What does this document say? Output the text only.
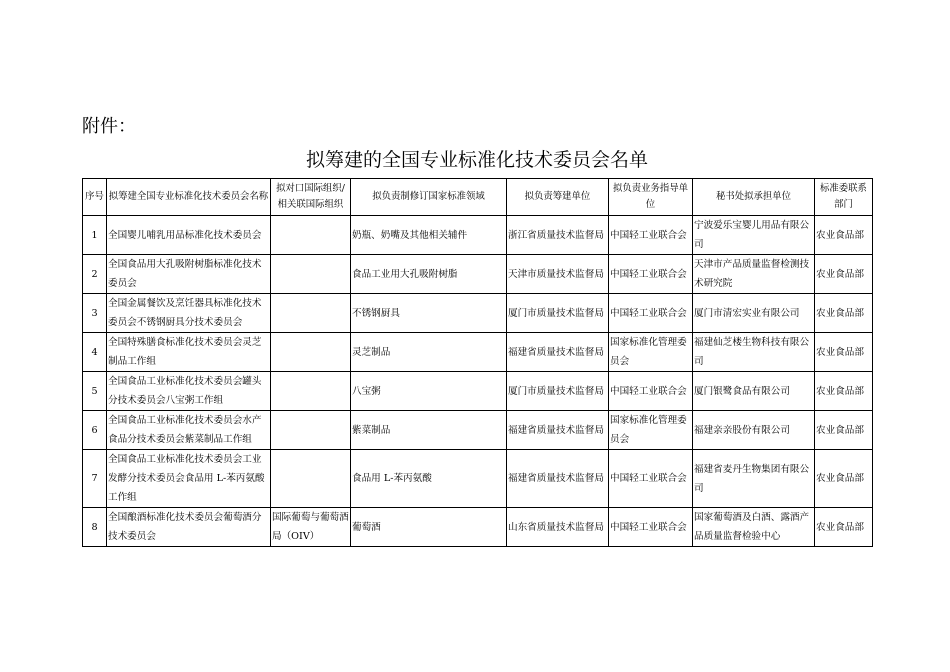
附件：
拟筹建的全国专业标准化技术委员会名单
序号	拟筹建全国专业标准化技术委员会名称	拟对口国际组织/相关联国际组织	拟负责制修订国家标准领域	拟负责筹建单位	拟负责业务指导单位	秘书处拟承担单位	标准委联系部门
1	全国婴儿哺乳用品标准化技术委员会		奶瓶、奶嘴及其他相关辅件	浙江省质量技术监督局	中国轻工业联合会	宁波爱乐宝婴儿用品有限公司	农业食品部
2	全国食品用大孔吸附树脂标准化技术委员会		食品工业用大孔吸附树脂	天津市质量技术监督局	中国轻工业联合会	天津市产品质量监督检测技术研究院	农业食品部
3	全国金属餐饮及烹饪器具标准化技术委员会不锈钢厨具分技术委员会		不锈钢厨具	厦门市质量技术监督局	中国轻工业联合会	厦门市清宏实业有限公司	农业食品部
4	全国特殊膳食标准化技术委员会灵芝制品工作组		灵芝制品	福建省质量技术监督局	国家标准化管理委员会	福建仙芝楼生物科技有限公司	农业食品部
5	全国食品工业标准化技术委员会罐头分技术委员会八宝粥工作组		八宝粥	厦门市质量技术监督局	中国轻工业联合会	厦门银鹭食品有限公司	农业食品部
6	全国食品工业标准化技术委员会水产食品分技术委员会紫菜制品工作组		紫菜制品	福建省质量技术监督局	国家标准化管理委员会	福建亲亲股份有限公司	农业食品部
7	全国食品工业标准化技术委员会工业发酵分技术委员会食品用 L-苯丙氨酸工作组		食品用 L-苯丙氨酸	福建省质量技术监督局	中国轻工业联合会	福建省麦丹生物集团有限公司	农业食品部
8	全国酿酒标准化技术委员会葡萄酒分技术委员会	国际葡萄与葡萄酒局（OIV）	葡萄酒	山东省质量技术监督局	中国轻工业联合会	国家葡萄酒及白酒、露酒产品质量监督检验中心	农业食品部
